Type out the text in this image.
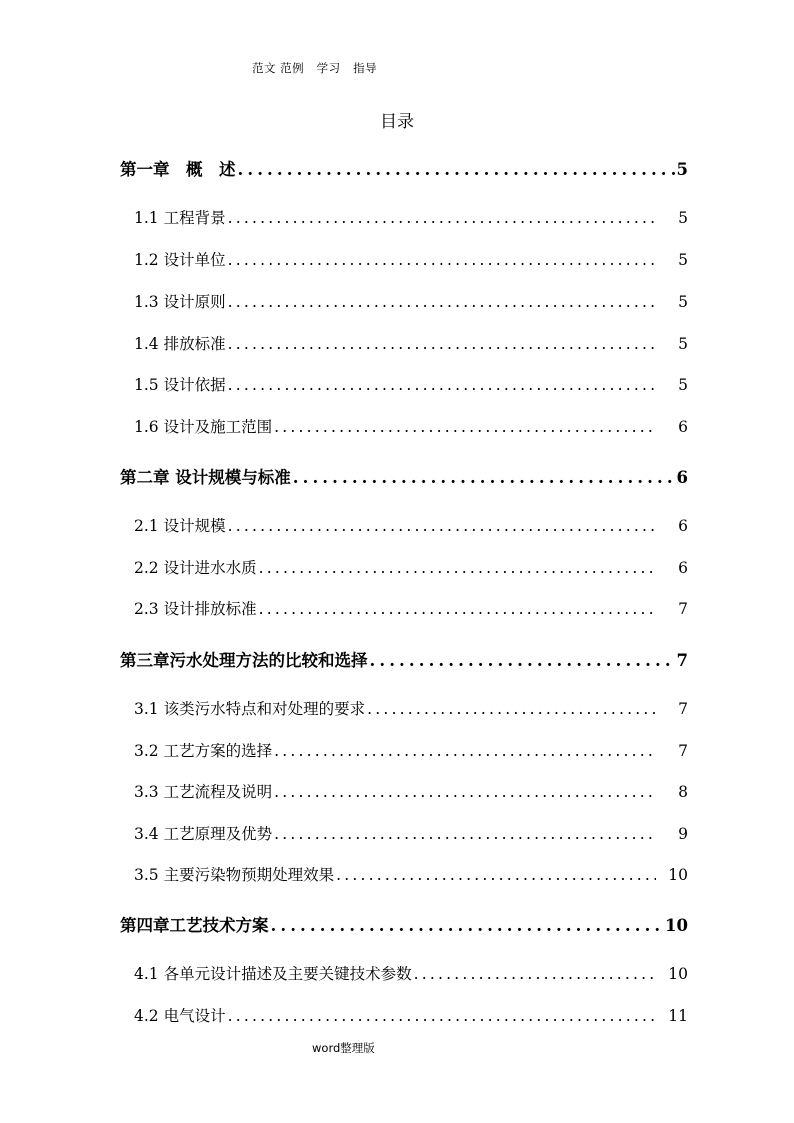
范文 范例   学习   指导
目录
第一章　概　述 .....	5
1.1 工程背景 .....	5
1.2 设计单位 .....	5
1.3 设计原则 .....	5
1.4 排放标准 .....	5
1.5 设计依据 .....	5
1.6 设计及施工范围 .....	6
第二章 设计规模与标准 .....	6
2.1 设计规模 .....	6
2.2 设计进水水质 .....	6
2.3 设计排放标准 .....	7
第三章污水处理方法的比较和选择 .....	7
3.1 该类污水特点和对处理的要求 .....	7
3.2 工艺方案的选择 .....	7
3.3 工艺流程及说明 .....	8
3.4 工艺原理及优势 .....	9
3.5 主要污染物预期处理效果 .....	10
第四章工艺技术方案 .....	10
4.1 各单元设计描述及主要关键技术参数 .....	10
4.2 电气设计 .....	11
word整理版
